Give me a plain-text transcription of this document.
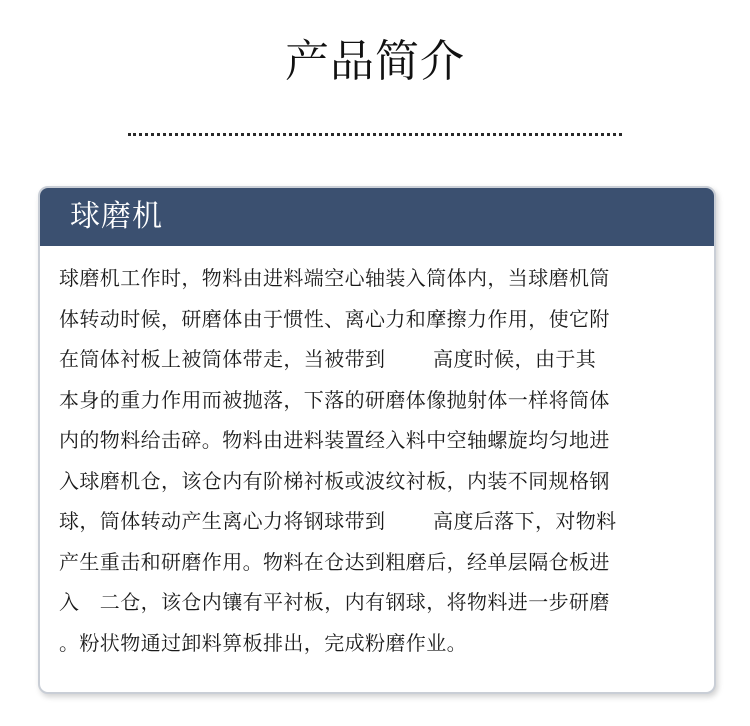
产品简介
球磨机
球磨机工作时，物料由进料端空心轴装入筒体内，当球磨机筒
体转动时候，研磨体由于惯性、离心力和摩擦力作用，使它附
在筒体衬板上被筒体带走，当被带到　　 高度时候，由于其
本身的重力作用而被抛落，下落的研磨体像抛射体一样将筒体
内的物料给击碎。物料由进料装置经入料中空轴螺旋均匀地进
入球磨机仓，该仓内有阶梯衬板或波纹衬板，内装不同规格钢
球，筒体转动产生离心力将钢球带到　　 高度后落下，对物料
产生重击和研磨作用。物料在仓达到粗磨后，经单层隔仓板进
入　二仓，该仓内镶有平衬板，内有钢球，将物料进一步研磨
。粉状物通过卸料箅板排出，完成粉磨作业。
